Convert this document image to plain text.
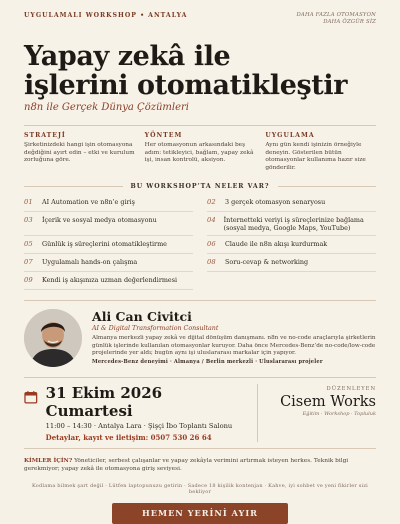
UYGULAMALI WORKSHOP • ANTALYA	DAHA FAZLA OTOMASYON
DAHA ÖZGÜR SİZ
Yapay zekâ ile
işlerini otomatikleştir
n8n ile Gerçek Dünya Çözümleri
STRATEJİ
Şirketinizdeki hangi işin otomasyona değdiğini ayırt edin – etki ve kurulum zorluğuna göre.
YÖNTEM
Her otomasyonun arkasındaki beş adım: tetikleyici, bağlam, yapay zekâ işi, insan kontrolü, aksiyon.
UYGULAMA
Aynı gün kendi işinizin örneğiyle deneyin. Gösterilen bütün otomasyonlar kullanıma hazır size gönderilir.
BU WORKSHOP’TA NELER VAR?
01 AI Automation ve n8n’e giriş	02 3 gerçek otomasyon senaryosu
03 İçerik ve sosyal medya otomasyonu	04 İnternetteki veriyi iş süreçlerinize bağlama (sosyal medya, Google Maps, YouTube)
05 Günlük iş süreçlerini otomatikleştirme	06 Claude ile n8n akışı kurdurmak
07 Uygulamalı hands-on çalışma	08 Soru-cevap & networking
09 Kendi iş akışınıza uzman değerlendirmesi
Ali Can Civitci
AI & Digital Transformation Consultant
Almanya merkezli yapay zekâ ve dijital dönüşüm danışmanı. n8n ve no-code araçlarıyla şirketlerin günlük işlerinde kullanılan otomasyonlar kuruyor. Daha önce Mercedes-Benz’de no-code/low-code projelerinde yer aldı; bugün aynı işi uluslararası markalar için yapıyor.
Mercedes-Benz deneyimi · Almanya / Berlin merkezli · Uluslararası projeler
31 Ekim 2026 Cumartesi
11:00 – 14:30 · Antalya Lara · Şişçi İbo Toplantı Salonu
Detaylar, kayıt ve iletişim: 0507 530 26 64
DÜZENLEYEN
Cisem Works
Eğitim · Workshop · Topluluk
KİMLER İÇİN? Yöneticiler, serbest çalışanlar ve yapay zekâyla verimini artırmak isteyen herkes. Teknik bilgi gerekmiyor; yapay zekâ ile otomasyona giriş seviyesi.
Kodlama bilmek şart değil · Lütfen laptopunuzu getirin · Sadece 18 kişilik kontenjan · Kahve, iyi sohbet ve yeni fikirler sizi bekliyor
HEMEN YERİNİ AYIR
